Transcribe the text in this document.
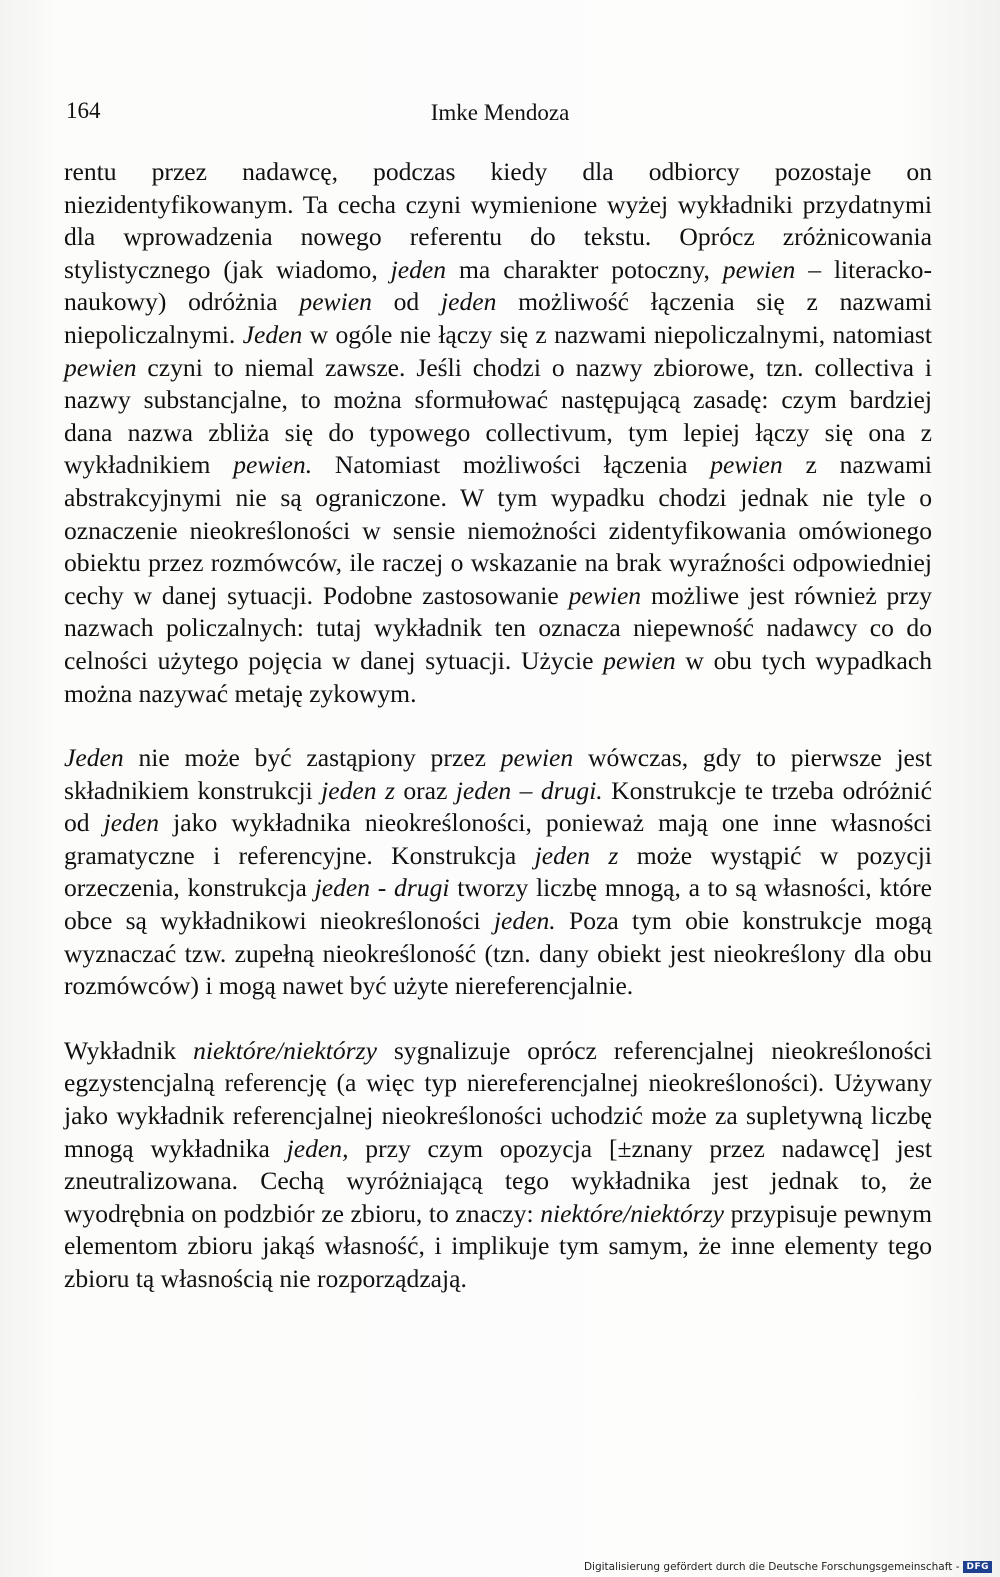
164	Imke Mendoza

rentu przez nadawcę, podczas kiedy dla odbiorcy pozostaje on niezidentyfikowanym. Ta cecha czyni wymienione wyżej wykładniki przydatnymi dla wprowadzenia nowego referentu do tekstu. Oprócz zróżnicowania stylistycznego (jak wiadomo, jeden ma charakter potoczny, pewien – literacko-naukowy) odróżnia pewien od jeden możliwość łączenia się z nazwami niepoliczalnymi. Jeden w ogóle nie łączy się z nazwami niepoliczalnymi, natomiast pewien czyni to niemal zawsze. Jeśli chodzi o nazwy zbiorowe, tzn. collectiva i nazwy substancjalne, to można sformułować następującą zasadę: czym bardziej dana nazwa zbliża się do typowego collectivum, tym lepiej łączy się ona z wykładnikiem pewien. Natomiast możliwości łączenia pewien z nazwami abstrakcyjnymi nie są ograniczone. W tym wypadku chodzi jednak nie tyle o oznaczenie nieokreśloności w sensie niemożności zidentyfikowania omówionego obiektu przez rozmówców, ile raczej o wskazanie na brak wyraźności odpowiedniej cechy w danej sytuacji. Podobne zastosowanie pewien możliwe jest również przy nazwach policzalnych: tutaj wykładnik ten oznacza niepewność nadawcy co do celności użytego pojęcia w danej sytuacji. Użycie pewien w obu tych wypadkach można nazywać metaję zykowym.

Jeden nie może być zastąpiony przez pewien wówczas, gdy to pierwsze jest składnikiem konstrukcji jeden z oraz jeden – drugi. Konstrukcje te trzeba odróżnić od jeden jako wykładnika nieokreśloności, ponieważ mają one inne własności gramatyczne i referencyjne. Konstrukcja jeden z może wystąpić w pozycji orzeczenia, konstrukcja jeden - drugi tworzy liczbę mnogą, a to są własności, które obce są wykładnikowi nieokreśloności jeden. Poza tym obie konstrukcje mogą wyznaczać tzw. zupełną nieokreśloność (tzn. dany obiekt jest nieokreślony dla obu rozmówców) i mogą nawet być użyte niereferencjalnie.

Wykładnik niektóre/niektórzy sygnalizuje oprócz referencjalnej nieokreśloności egzystencjalną referencję (a więc typ niereferencjalnej nieokreśloności). Używany jako wykładnik referencjalnej nieokreśloności uchodzić może za supletywną liczbę mnogą wykładnika jeden, przy czym opozycja [±znany przez nadawcę] jest zneutralizowana. Cechą wyróżniającą tego wykładnika jest jednak to, że wyodrębnia on podzbiór ze zbioru, to znaczy: niektóre/niektórzy przypisuje pewnym elementom zbioru jakąś własność, i implikuje tym samym, że inne elementy tego zbioru tą własnością nie rozporządzają.

Digitalisierung gefördert durch die Deutsche Forschungsgemeinschaft - DFG
